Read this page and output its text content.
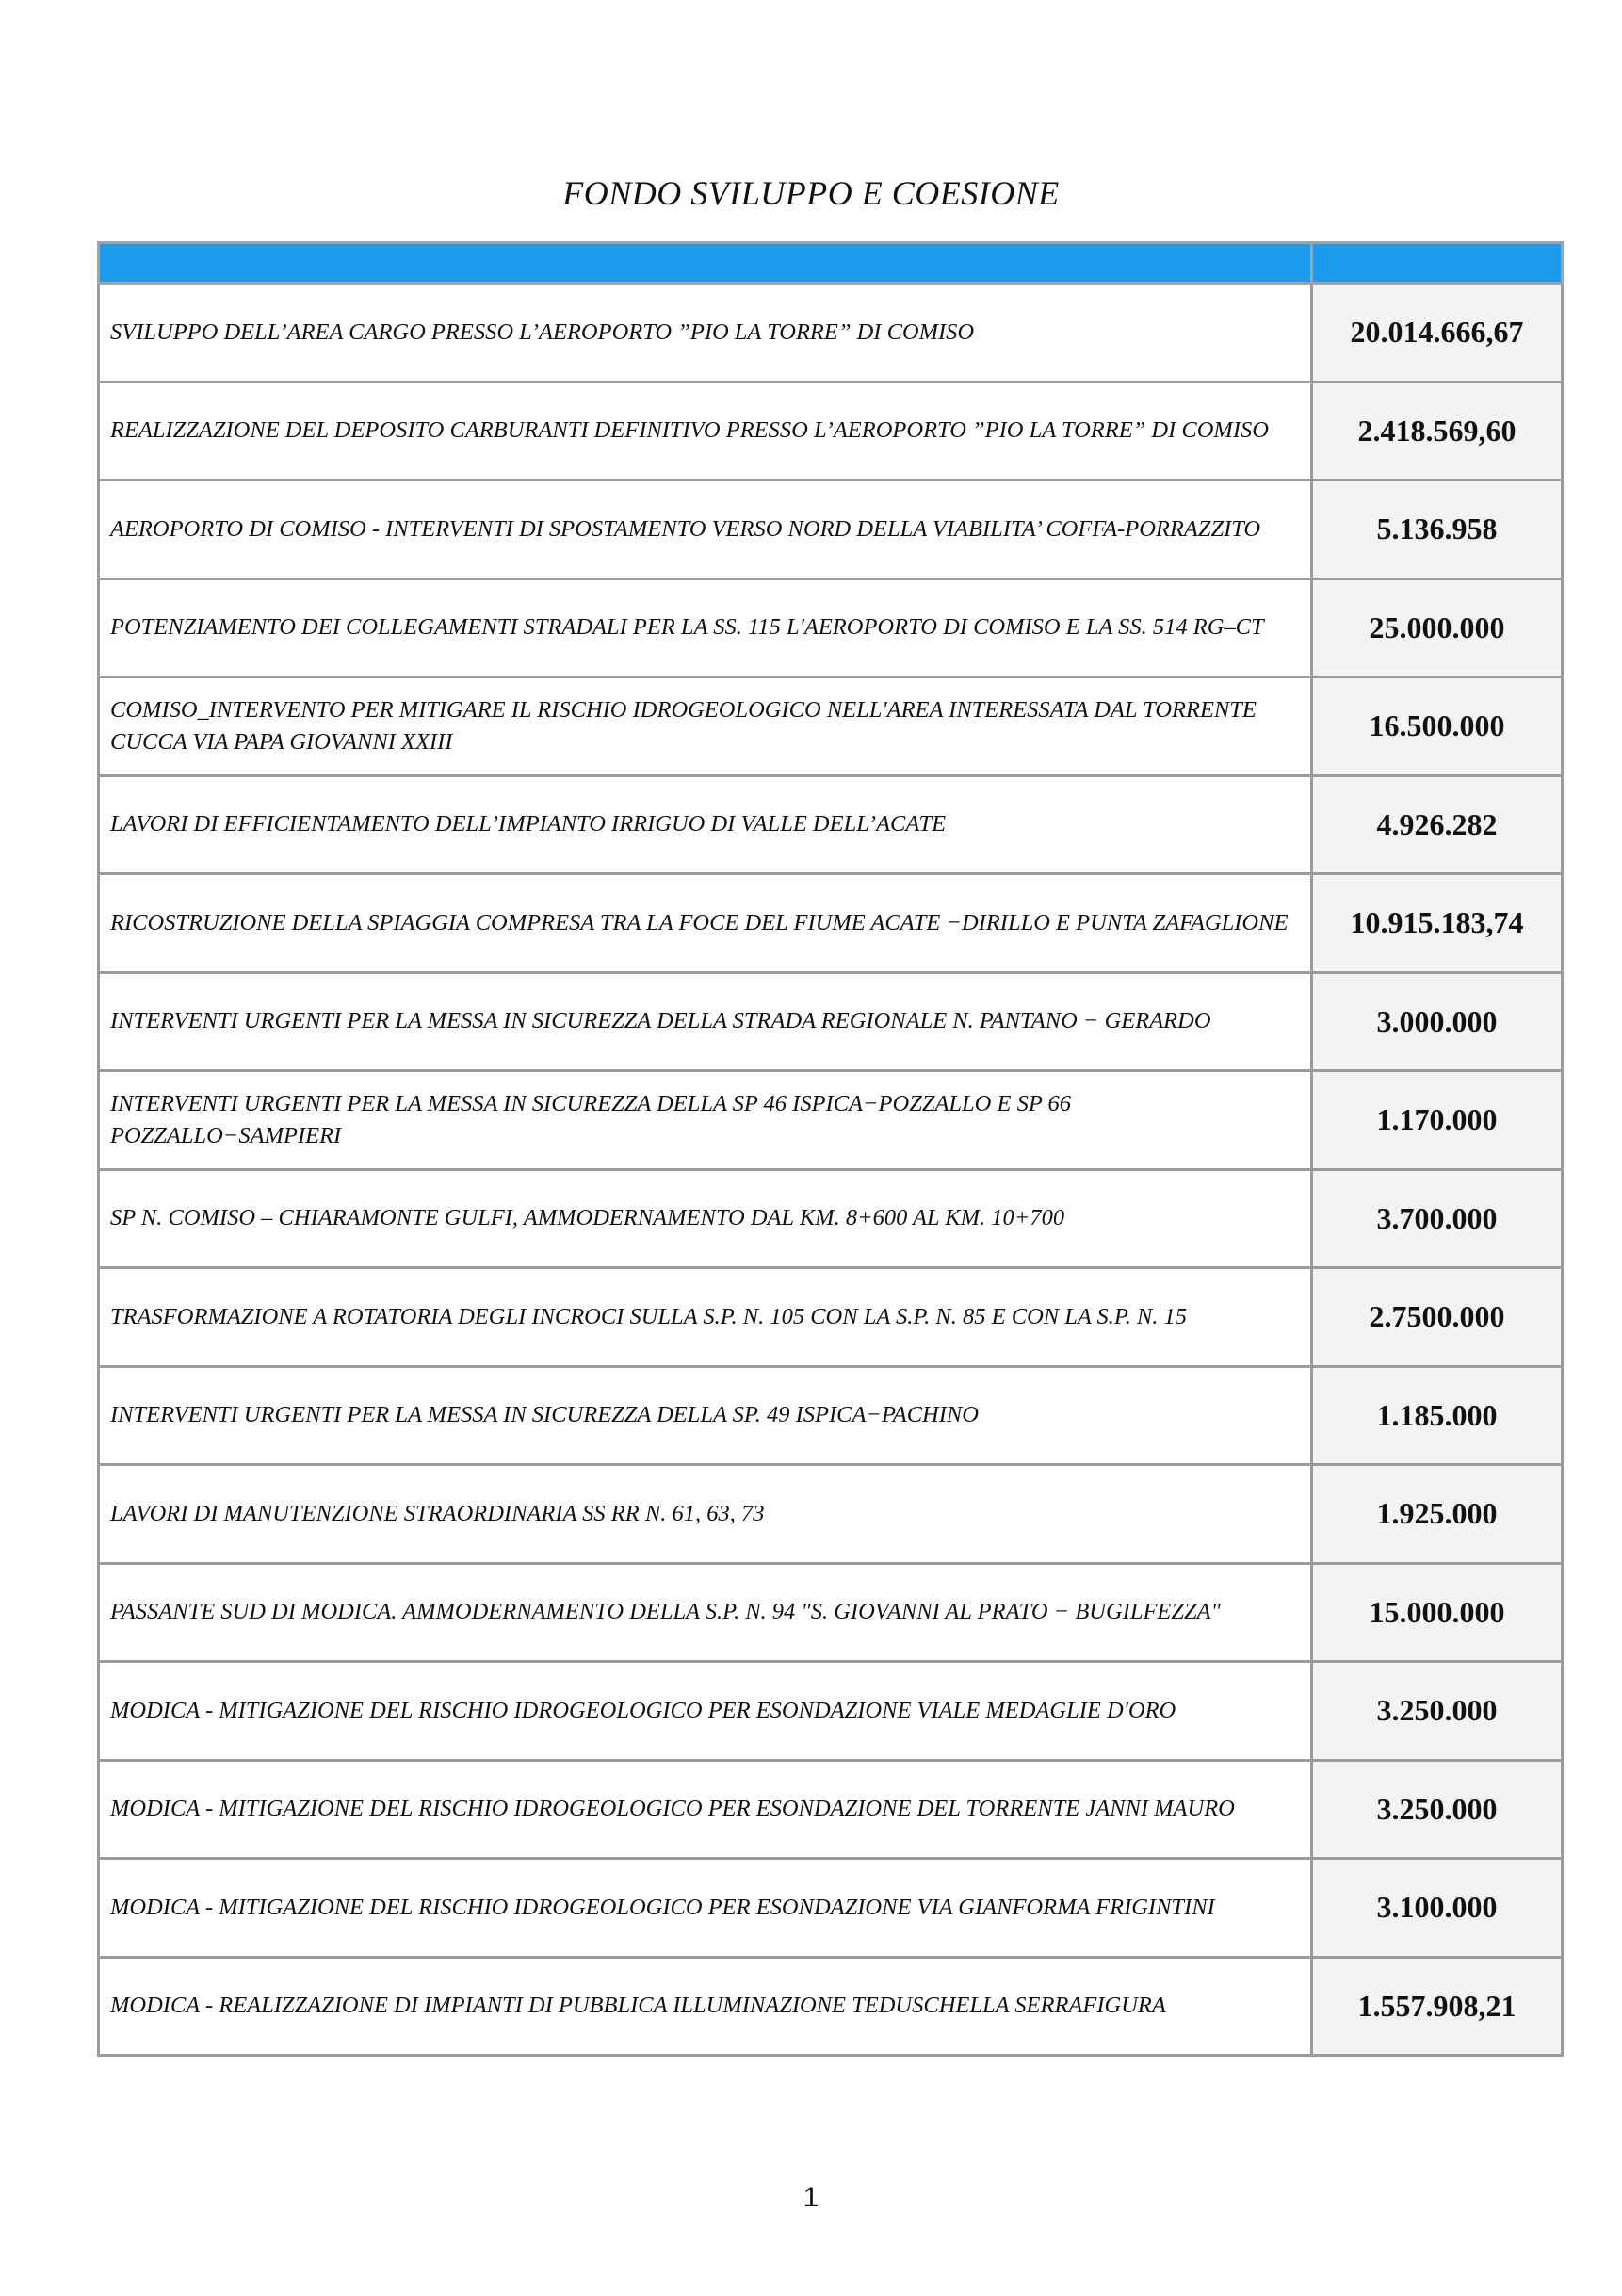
FONDO SVILUPPO E COESIONE

SVILUPPO DELL’AREA CARGO PRESSO L’AEROPORTO ”PIO LA TORRE” DI COMISO	20.014.666,67
REALIZZAZIONE DEL DEPOSITO CARBURANTI DEFINITIVO PRESSO L’AEROPORTO ”PIO LA TORRE” DI COMISO	2.418.569,60
AEROPORTO DI COMISO - INTERVENTI DI SPOSTAMENTO VERSO NORD DELLA VIABILITA’ COFFA-PORRAZZITO	5.136.958
POTENZIAMENTO DEI COLLEGAMENTI STRADALI PER LA SS. 115 L'AEROPORTO DI COMISO E LA SS. 514 RG–CT	25.000.000
COMISO_INTERVENTO PER MITIGARE IL RISCHIO IDROGEOLOGICO NELL'AREA INTERESSATA DAL TORRENTE CUCCA VIA PAPA GIOVANNI XXIII	16.500.000
LAVORI DI EFFICIENTAMENTO DELL’IMPIANTO IRRIGUO DI VALLE DELL’ACATE	4.926.282
RICOSTRUZIONE DELLA SPIAGGIA COMPRESA TRA LA FOCE DEL FIUME ACATE −DIRILLO E PUNTA ZAFAGLIONE	10.915.183,74
INTERVENTI URGENTI PER LA MESSA IN SICUREZZA DELLA STRADA REGIONALE N. PANTANO − GERARDO	3.000.000
INTERVENTI URGENTI PER LA MESSA IN SICUREZZA DELLA SP 46 ISPICA−POZZALLO E SP 66 POZZALLO−SAMPIERI	1.170.000
SP N. COMISO – CHIARAMONTE GULFI, AMMODERNAMENTO DAL KM. 8+600 AL KM. 10+700	3.700.000
TRASFORMAZIONE A ROTATORIA DEGLI INCROCI SULLA S.P. N. 105 CON LA S.P. N. 85 E CON LA S.P. N. 15	2.7500.000
INTERVENTI URGENTI PER LA MESSA IN SICUREZZA DELLA SP. 49 ISPICA−PACHINO	1.185.000
LAVORI DI MANUTENZIONE STRAORDINARIA SS RR N. 61, 63, 73	1.925.000
PASSANTE SUD DI MODICA. AMMODERNAMENTO DELLA S.P. N. 94 "S. GIOVANNI AL PRATO − BUGILFEZZA"	15.000.000
MODICA - MITIGAZIONE DEL RISCHIO IDROGEOLOGICO PER ESONDAZIONE VIALE MEDAGLIE D'ORO	3.250.000
MODICA - MITIGAZIONE DEL RISCHIO IDROGEOLOGICO PER ESONDAZIONE DEL TORRENTE JANNI MAURO	3.250.000
MODICA - MITIGAZIONE DEL RISCHIO IDROGEOLOGICO PER ESONDAZIONE VIA GIANFORMA FRIGINTINI	3.100.000
MODICA - REALIZZAZIONE DI IMPIANTI DI PUBBLICA ILLUMINAZIONE TEDUSCHELLA SERRAFIGURA	1.557.908,21
1
